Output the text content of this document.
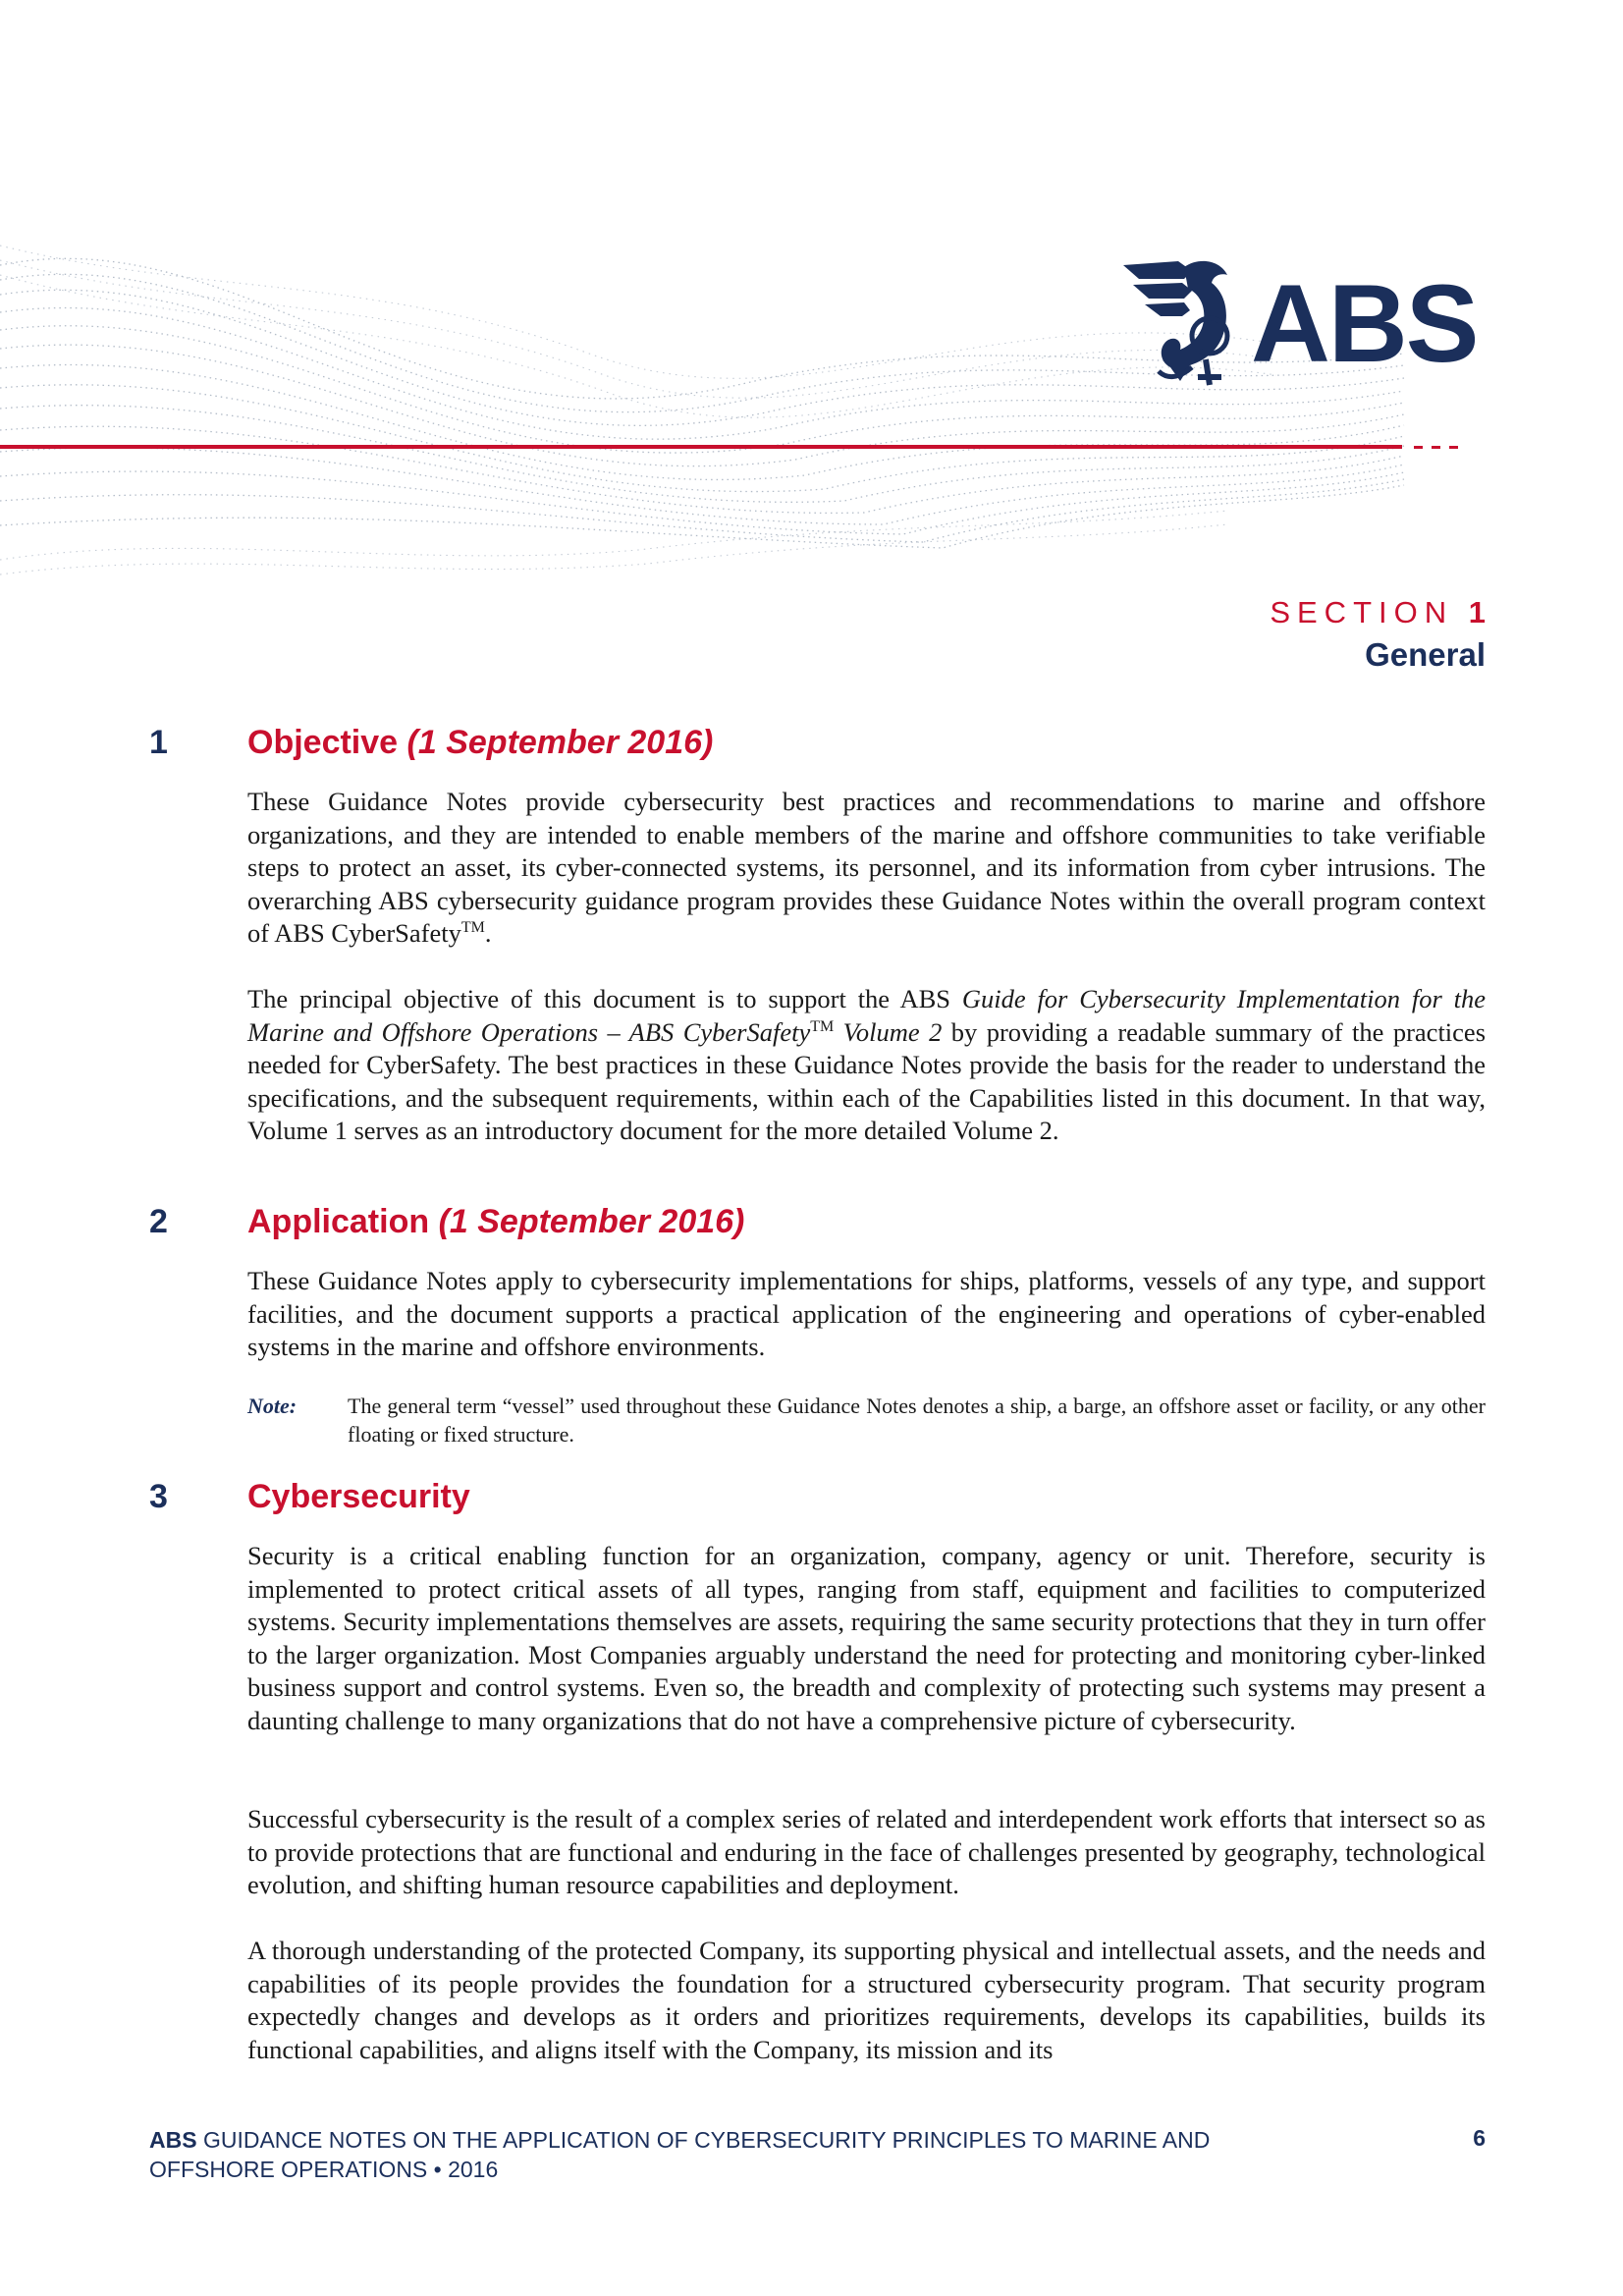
ABS
SECTION 1
General
1 Objective (1 September 2016)

These Guidance Notes provide cybersecurity best practices and recommendations to marine and offshore organizations, and they are intended to enable members of the marine and offshore communities to take verifiable steps to protect an asset, its cyber-connected systems, its personnel, and its information from cyber intrusions. The overarching ABS cybersecurity guidance program provides these Guidance Notes within the overall program context of ABS CyberSafety™.

The principal objective of this document is to support the ABS Guide for Cybersecurity Implementation for the Marine and Offshore Operations – ABS CyberSafety™ Volume 2 by providing a readable summary of the practices needed for CyberSafety. The best practices in these Guidance Notes provide the basis for the reader to understand the specifications, and the subsequent requirements, within each of the Capabilities listed in this document. In that way, Volume 1 serves as an introductory document for the more detailed Volume 2.

2 Application (1 September 2016)

These Guidance Notes apply to cybersecurity implementations for ships, platforms, vessels of any type, and support facilities, and the document supports a practical application of the engineering and operations of cyber-enabled systems in the marine and offshore environments.

Note: The general term “vessel” used throughout these Guidance Notes denotes a ship, a barge, an offshore asset or facility, or any other floating or fixed structure.

3 Cybersecurity

Security is a critical enabling function for an organization, company, agency or unit. Therefore, security is implemented to protect critical assets of all types, ranging from staff, equipment and facilities to computerized systems. Security implementations themselves are assets, requiring the same security protections that they in turn offer to the larger organization. Most Companies arguably understand the need for protecting and monitoring cyber-linked business support and control systems. Even so, the breadth and complexity of protecting such systems may present a daunting challenge to many organizations that do not have a comprehensive picture of cybersecurity.

Successful cybersecurity is the result of a complex series of related and interdependent work efforts that intersect so as to provide protections that are functional and enduring in the face of challenges presented by geography, technological evolution, and shifting human resource capabilities and deployment.

A thorough understanding of the protected Company, its supporting physical and intellectual assets, and the needs and capabilities of its people provides the foundation for a structured cybersecurity program. That security program expectedly changes and develops as it orders and prioritizes requirements, develops its capabilities, builds its functional capabilities, and aligns itself with the Company, its mission and its

ABS GUIDANCE NOTES ON THE APPLICATION OF CYBERSECURITY PRINCIPLES TO MARINE AND OFFSHORE OPERATIONS • 2016
6
